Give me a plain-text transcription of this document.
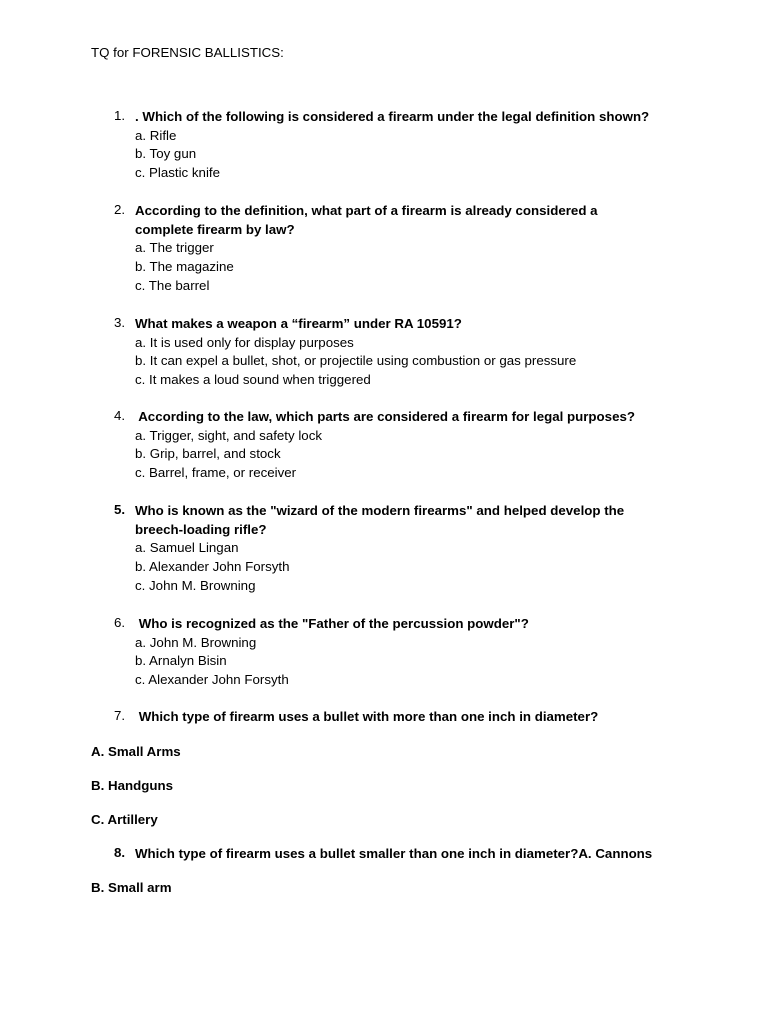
TQ for FORENSIC BALLISTICS:
1. . Which of the following is considered a firearm under the legal definition shown?
a. Rifle
b. Toy gun
c. Plastic knife
2. According to the definition, what part of a firearm is already considered a complete firearm by law?
a. The trigger
b. The magazine
c. The barrel
3. What makes a weapon a “firearm” under RA 10591?
a. It is used only for display purposes
b. It can expel a bullet, shot, or projectile using combustion or gas pressure
c. It makes a loud sound when triggered
4. According to the law, which parts are considered a firearm for legal purposes?
a. Trigger, sight, and safety lock
b. Grip, barrel, and stock
c. Barrel, frame, or receiver
5. Who is known as the "wizard of the modern firearms" and helped develop the breech-loading rifle?
a. Samuel Lingan
b. Alexander John Forsyth
c. John M. Browning
6. Who is recognized as the "Father of the percussion powder"?
a. John M. Browning
b. Arnalyn Bisin
c. Alexander John Forsyth
7. Which type of firearm uses a bullet with more than one inch in diameter?
A. Small Arms
B. Handguns
C. Artillery
8. Which type of firearm uses a bullet smaller than one inch in diameter?A. Cannons
B. Small arm
